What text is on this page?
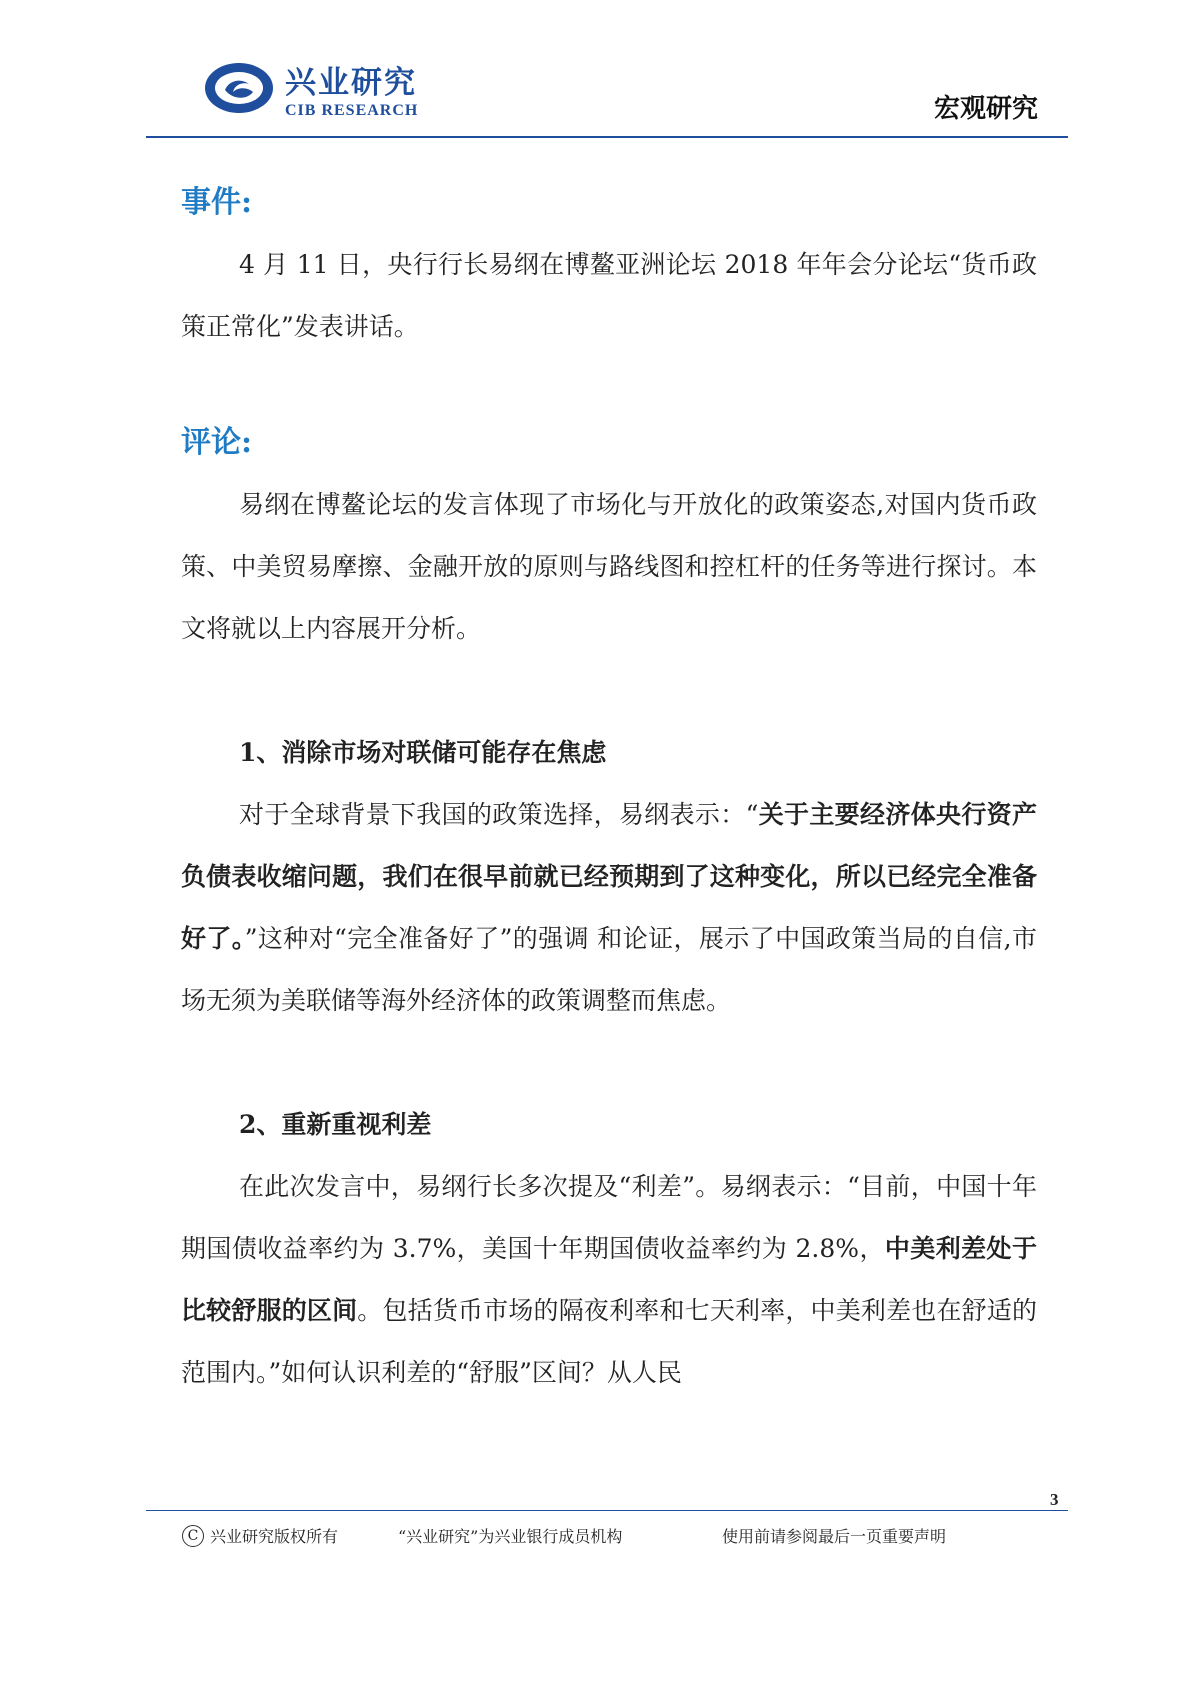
兴业研究
CIB RESEARCH	宏观研究
事件:

4 月 11 日，央行行长易纲在博鳌亚洲论坛 2018 年年会分论坛“货币政策正常化”发表讲话。

评论:

易纲在博鳌论坛的发言体现了市场化与开放化的政策姿态,对国内货币政策、中美贸易摩擦、金融开放的原则与路线图和控杠杆的任务等进行探讨。本文将就以上内容展开分析。

1、消除市场对联储可能存在焦虑

对于全球背景下我国的政策选择，易纲表示：“关于主要经济体央行资产负债表收缩问题，我们在很早前就已经预期到了这种变化，所以已经完全准备好了。”这种对“完全准备好了”的强调 和论证，展示了中国政策当局的自信,市场无须为美联储等海外经济体的政策调整而焦虑。

2、重新重视利差

在此次发言中，易纲行长多次提及“利差”。易纲表示：“目前，中国十年期国债收益率约为 3.7%，美国十年期国债收益率约为 2.8%，中美利差处于比较舒服的区间。包括货币市场的隔夜利率和七天利率，中美利差也在舒适的范围内。”如何认识利差的“舒服”区间？从人民

3
C 兴业研究版权所有	“兴业研究”为兴业银行成员机构	使用前请参阅最后一页重要声明
